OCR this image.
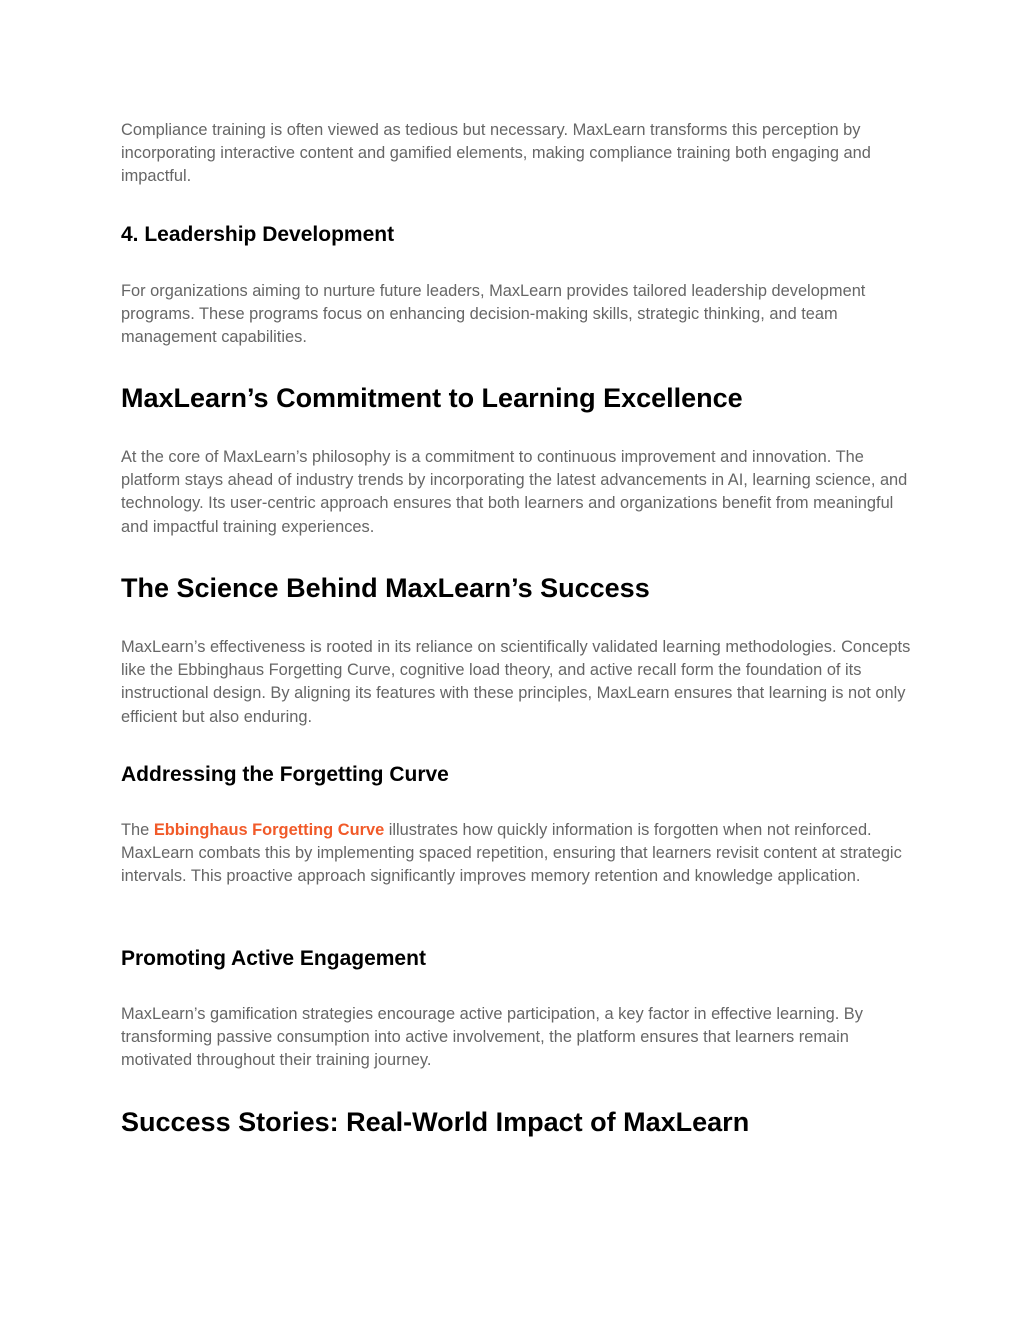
Compliance training is often viewed as tedious but necessary. MaxLearn transforms this perception by incorporating interactive content and gamified elements, making compliance training both engaging and impactful.

4. Leadership Development

For organizations aiming to nurture future leaders, MaxLearn provides tailored leadership development programs. These programs focus on enhancing decision-making skills, strategic thinking, and team management capabilities.

MaxLearn’s Commitment to Learning Excellence

At the core of MaxLearn’s philosophy is a commitment to continuous improvement and innovation. The platform stays ahead of industry trends by incorporating the latest advancements in AI, learning science, and technology. Its user-centric approach ensures that both learners and organizations benefit from meaningful and impactful training experiences.

The Science Behind MaxLearn’s Success

MaxLearn’s effectiveness is rooted in its reliance on scientifically validated learning methodologies. Concepts like the Ebbinghaus Forgetting Curve, cognitive load theory, and active recall form the foundation of its instructional design. By aligning its features with these principles, MaxLearn ensures that learning is not only efficient but also enduring.

Addressing the Forgetting Curve

The Ebbinghaus Forgetting Curve illustrates how quickly information is forgotten when not reinforced. MaxLearn combats this by implementing spaced repetition, ensuring that learners revisit content at strategic intervals. This proactive approach significantly improves memory retention and knowledge application.

Promoting Active Engagement

MaxLearn’s gamification strategies encourage active participation, a key factor in effective learning. By transforming passive consumption into active involvement, the platform ensures that learners remain motivated throughout their training journey.

Success Stories: Real-World Impact of MaxLearn
